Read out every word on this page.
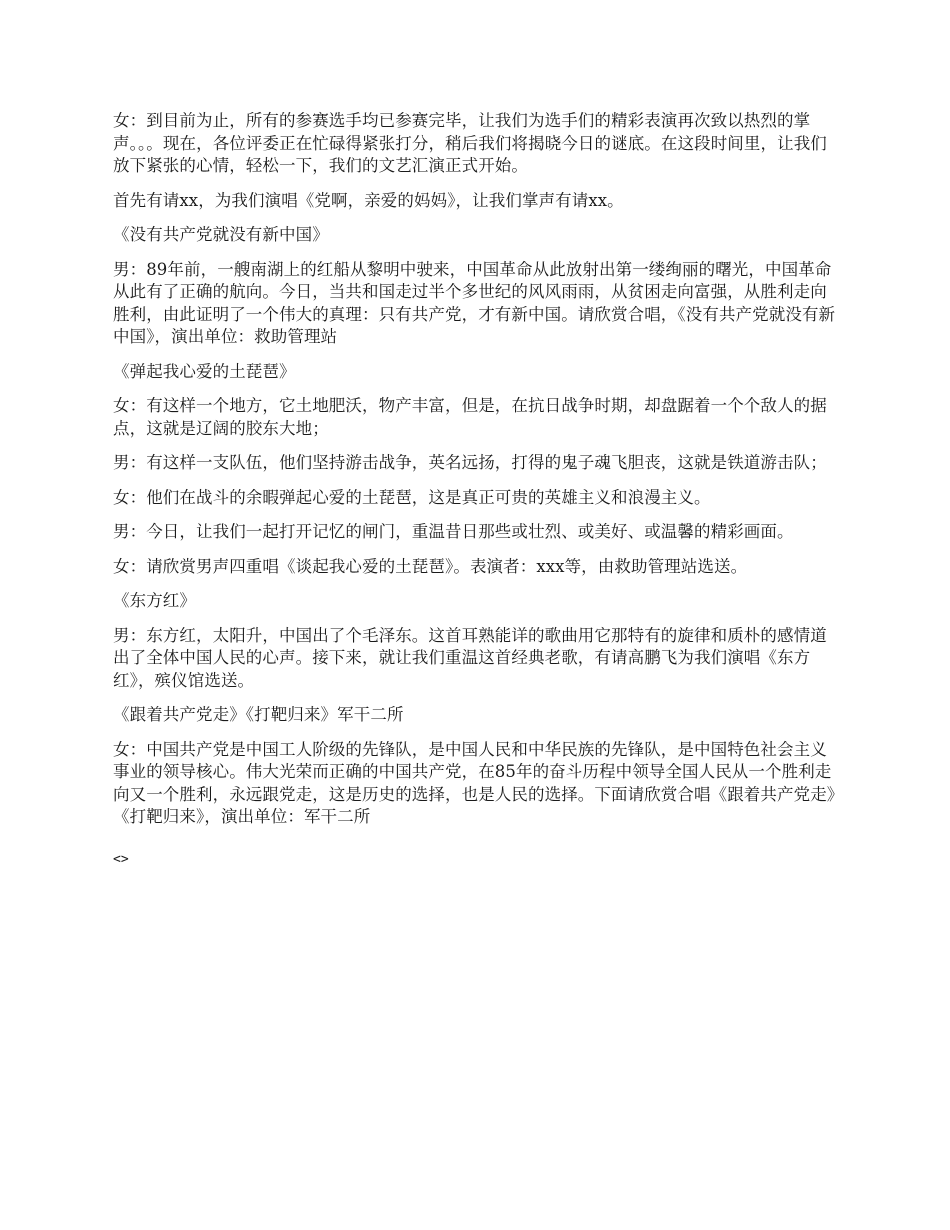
女：到目前为止，所有的参赛选手均已参赛完毕，让我们为选手们的精彩表演再次致以热烈的掌声。。。现在，各位评委正在忙碌得紧张打分，稍后我们将揭晓今日的谜底。在这段时间里，让我们放下紧张的心情，轻松一下，我们的文艺汇演正式开始。

首先有请xx，为我们演唱《党啊，亲爱的妈妈》，让我们掌声有请xx。

《没有共产党就没有新中国》

男：89年前，一艘南湖上的红船从黎明中驶来，中国革命从此放射出第一缕绚丽的曙光，中国革命从此有了正确的航向。今日，当共和国走过半个多世纪的风风雨雨，从贫困走向富强，从胜利走向胜利，由此证明了一个伟大的真理：只有共产党，才有新中国。请欣赏合唱，《没有共产党就没有新中国》，演出单位：救助管理站

《弹起我心爱的土琵琶》

女：有这样一个地方，它土地肥沃，物产丰富，但是，在抗日战争时期，却盘踞着一个个敌人的据点，这就是辽阔的胶东大地；

男：有这样一支队伍，他们坚持游击战争，英名远扬，打得的鬼子魂飞胆丧，这就是铁道游击队；

女：他们在战斗的余暇弹起心爱的土琵琶，这是真正可贵的英雄主义和浪漫主义。

男：今日，让我们一起打开记忆的闸门，重温昔日那些或壮烈、或美好、或温馨的精彩画面。

女：请欣赏男声四重唱《谈起我心爱的土琵琶》。表演者：xxx等，由救助管理站选送。

《东方红》

男：东方红，太阳升，中国出了个毛泽东。这首耳熟能详的歌曲用它那特有的旋律和质朴的感情道出了全体中国人民的心声。接下来，就让我们重温这首经典老歌，有请高鹏飞为我们演唱《东方红》，殡仪馆选送。

《跟着共产党走》《打靶归来》军干二所

女：中国共产党是中国工人阶级的先锋队，是中国人民和中华民族的先锋队，是中国特色社会主义事业的领导核心。伟大光荣而正确的中国共产党，在85年的奋斗历程中领导全国人民从一个胜利走向又一个胜利，永远跟党走，这是历史的选择，也是人民的选择。下面请欣赏合唱《跟着共产党走》《打靶归来》，演出单位：军干二所

<>
